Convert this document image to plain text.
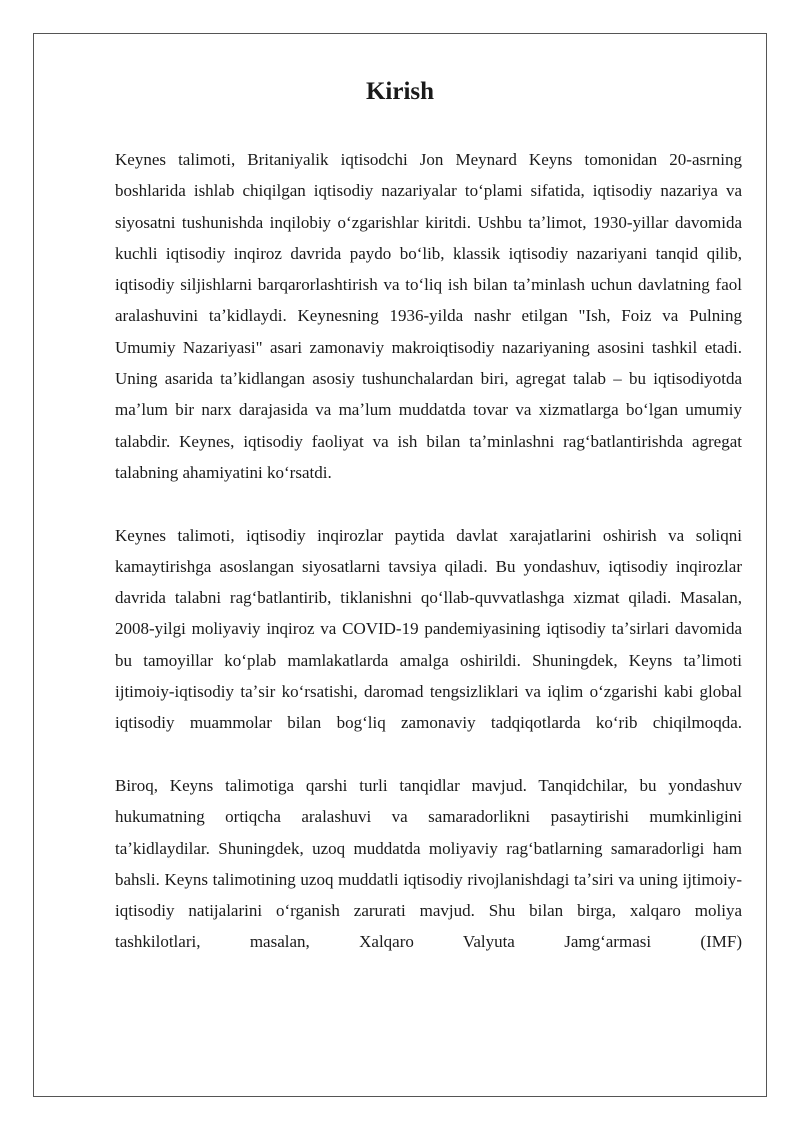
Kirish

Keynes talimoti, Britaniyalik iqtisodchi Jon Meynard Keyns tomonidan 20-asrning boshlarida ishlab chiqilgan iqtisodiy nazariyalar toʻplami sifatida, iqtisodiy nazariya va siyosatni tushunishda inqilobiy oʻzgarishlar kiritdi. Ushbu taʼlimot, 1930-yillar davomida kuchli iqtisodiy inqiroz davrida paydo boʻlib, klassik iqtisodiy nazariyani tanqid qilib, iqtisodiy siljishlarni barqarorlashtirish va toʻliq ish bilan taʼminlash uchun davlatning faol aralashuvini taʼkidlaydi. Keynesning 1936-yilda nashr etilgan "Ish, Foiz va Pulning Umumiy Nazariyasi" asari zamonaviy makroiqtisodiy nazariyaning asosini tashkil etadi. Uning asarida taʼkidlangan asosiy tushunchalardan biri, agregat talab – bu iqtisodiyotda maʼlum bir narx darajasida va maʼlum muddatda tovar va xizmatlarga boʻlgan umumiy talabdir. Keynes, iqtisodiy faoliyat va ish bilan taʼminlashni ragʻbatlantirishda agregat talabning ahamiyatini koʻrsatdi.

Keynes talimoti, iqtisodiy inqirozlar paytida davlat xarajatlarini oshirish va soliqni kamaytirishga asoslangan siyosatlarni tavsiya qiladi. Bu yondashuv, iqtisodiy inqirozlar davrida talabni ragʻbatlantirib, tiklanishni qoʻllab-quvvatlashga xizmat qiladi. Masalan, 2008-yilgi moliyaviy inqiroz va COVID-19 pandemiyasining iqtisodiy taʼsirlari davomida bu tamoyillar koʻplab mamlakatlarda amalga oshirildi. Shuningdek, Keyns taʼlimoti ijtimoiy-iqtisodiy taʼsir koʻrsatishi, daromad tengsizliklari va iqlim oʻzgarishi kabi global iqtisodiy muammolar bilan bogʻliq zamonaviy tadqiqotlarda koʻrib chiqilmoqda.

Biroq, Keyns talimotiga qarshi turli tanqidlar mavjud. Tanqidchilar, bu yondashuv hukumatning ortiqcha aralashuvi va samaradorlikni pasaytirishi mumkinligini taʼkidlaydilar. Shuningdek, uzoq muddatda moliyaviy ragʻbatlarning samaradorligi ham bahsli. Keyns talimotining uzoq muddatli iqtisodiy rivojlanishdagi taʼsiri va uning ijtimoiy-iqtisodiy natijalarini oʻrganish zarurati mavjud. Shu bilan birga, xalqaro moliya tashkilotlari, masalan, Xalqaro Valyuta Jamgʻarmasi (IMF)
